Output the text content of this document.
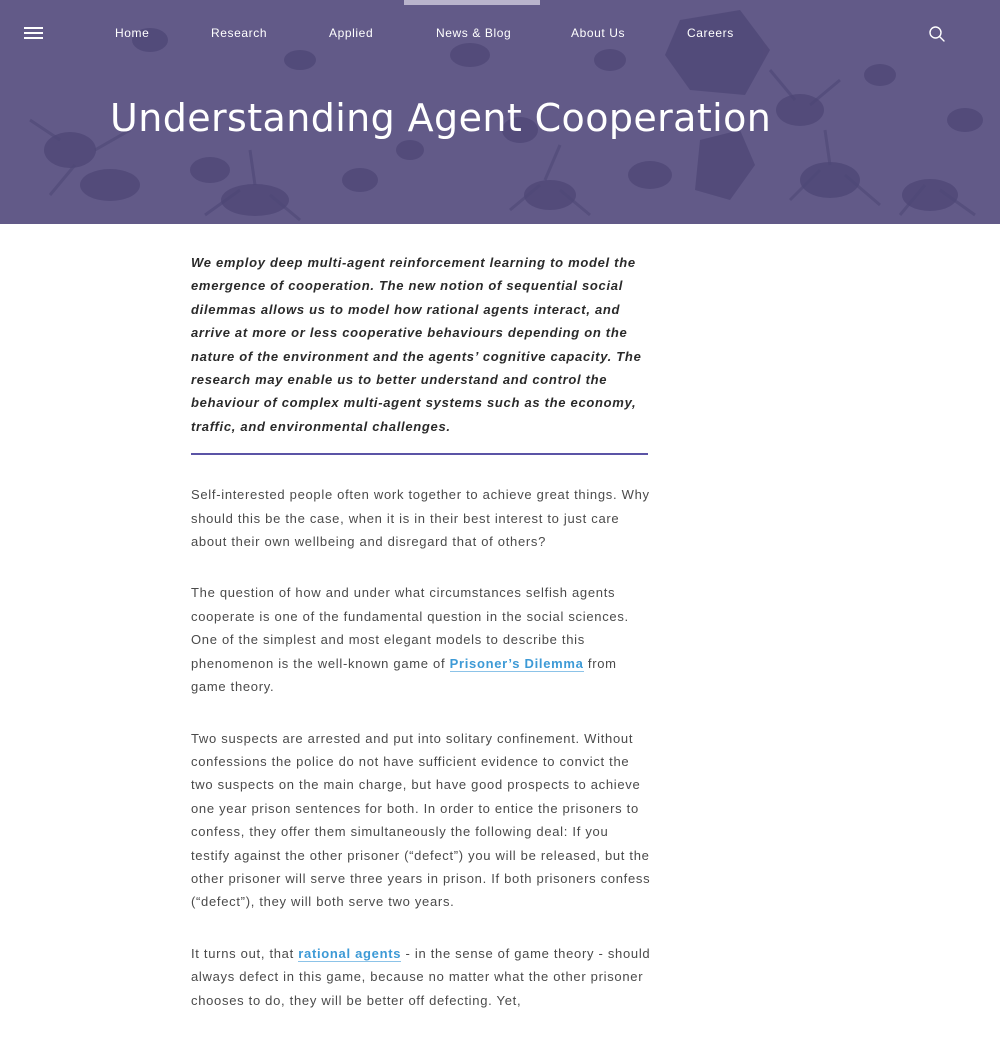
Home	Research	Applied	News & Blog	About Us	Careers
Understanding Agent Cooperation

We employ deep multi-agent reinforcement learning to model the emergence of cooperation. The new notion of sequential social dilemmas allows us to model how rational agents interact, and arrive at more or less cooperative behaviours depending on the nature of the environment and the agents’ cognitive capacity. The research may enable us to better understand and control the behaviour of complex multi-agent systems such as the economy, traffic, and environmental challenges.

Self-interested people often work together to achieve great things. Why should this be the case, when it is in their best interest to just care about their own wellbeing and disregard that of others?

The question of how and under what circumstances selfish agents cooperate is one of the fundamental question in the social sciences. One of the simplest and most elegant models to describe this phenomenon is the well-known game of Prisoner’s Dilemma from game theory.

Two suspects are arrested and put into solitary confinement. Without confessions the police do not have sufficient evidence to convict the two suspects on the main charge, but have good prospects to achieve one year prison sentences for both. In order to entice the prisoners to confess, they offer them simultaneously the following deal: If you testify against the other prisoner (“defect”) you will be released, but the other prisoner will serve three years in prison. If both prisoners confess (“defect”), they will both serve two years.

It turns out, that rational agents - in the sense of game theory - should always defect in this game, because no matter what the other prisoner chooses to do, they will be better off defecting. Yet,
